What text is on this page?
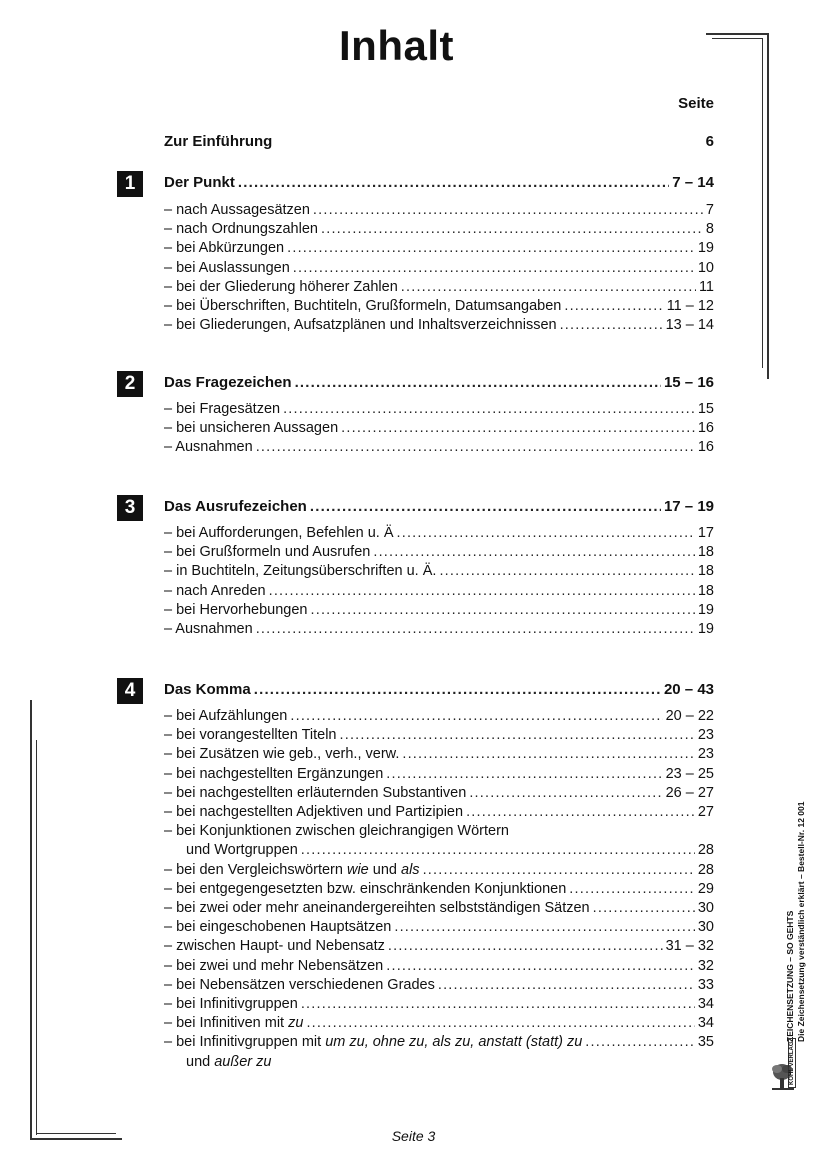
Inhalt
Seite
Zur Einführung	6
1	Der Punkt .....	7 – 14
– nach Aussagesätzen .....	7
– nach Ordnungszahlen .....	8
– bei Abkürzungen .....	19
– bei Auslassungen .....	10
– bei der Gliederung höherer Zahlen .....	11
– bei Überschriften, Buchtiteln, Grußformeln, Datumsangaben .....	11 – 12
– bei Gliederungen, Aufsatzplänen und Inhaltsverzeichnissen .....	13 – 14
2	Das Fragezeichen .....	15 – 16
– bei Fragesätzen .....	15
– bei unsicheren Aussagen .....	16
– Ausnahmen .....	16
3	Das Ausrufezeichen .....	17 – 19
– bei Aufforderungen, Befehlen u. Ä .....	17
– bei Grußformeln und Ausrufen .....	18
– in Buchtiteln, Zeitungsüberschriften u. Ä. .....	18
– nach Anreden .....	18
– bei Hervorhebungen .....	19
– Ausnahmen .....	19
4	Das Komma .....	20 – 43
– bei Aufzählungen .....	20 – 22
– bei vorangestellten Titeln .....	23
– bei Zusätzen wie geb., verh., verw. .....	23
– bei nachgestellten Ergänzungen .....	23 – 25
– bei nachgestellten erläuternden Substantiven .....	26 – 27
– bei nachgestellten Adjektiven und Partizipien .....	27
– bei Konjunktionen zwischen gleichrangigen Wörtern
und Wortgruppen .....	28
– bei den Vergleichswörtern wie und als .....	28
– bei entgegengesetzten bzw. einschränkenden Konjunktionen .....	29
– bei zwei oder mehr aneinandergereihten selbstständigen Sätzen .....	30
– bei eingeschobenen Hauptsätzen .....	30
– zwischen Haupt- und Nebensatz .....	31 – 32
– bei zwei und mehr Nebensätzen .....	32
– bei Nebensätzen verschiedenen Grades .....	33
– bei Infinitivgruppen .....	34
– bei Infinitiven mit zu .....	34
– bei Infinitivgruppen mit um zu, ohne zu, als zu, anstatt (statt) zu .....	35
und außer zu
Seite 3
ZEICHENSETZUNG – SO GEHTS Die Zeichensetzung verständlich erklärt – Bestell-Nr. 12 001
KOHL VERLAG
